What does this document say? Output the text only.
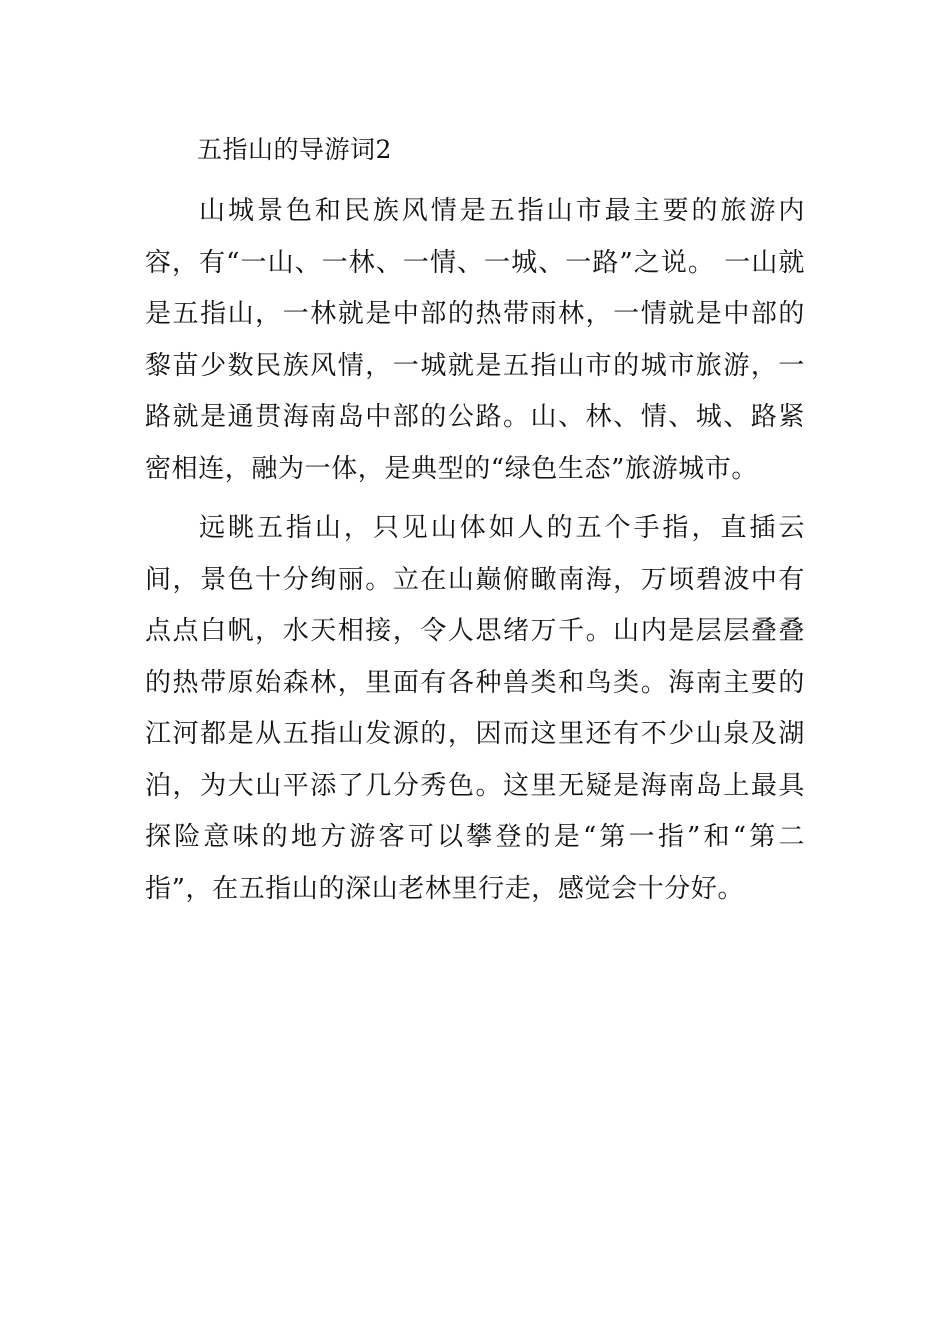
五指山的导游词2

山城景色和民族风情是五指山市最主要的旅游内容，有“一山、一林、一情、一城、一路”之说。 一山就是五指山，一林就是中部的热带雨林，一情就是中部的黎苗少数民族风情，一城就是五指山市的城市旅游，一路就是通贯海南岛中部的公路。山、林、情、城、路紧密相连，融为一体，是典型的“绿色生态”旅游城市。

远眺五指山，只见山体如人的五个手指，直插云间，景色十分绚丽。立在山巅俯瞰南海，万顷碧波中有点点白帆，水天相接，令人思绪万千。山内是层层叠叠的热带原始森林，里面有各种兽类和鸟类。海南主要的江河都是从五指山发源的，因而这里还有不少山泉及湖泊，为大山平添了几分秀色。这里无疑是海南岛上最具探险意味的地方游客可以攀登的是“第一指”和“第二指”，在五指山的深山老林里行走，感觉会十分好。
